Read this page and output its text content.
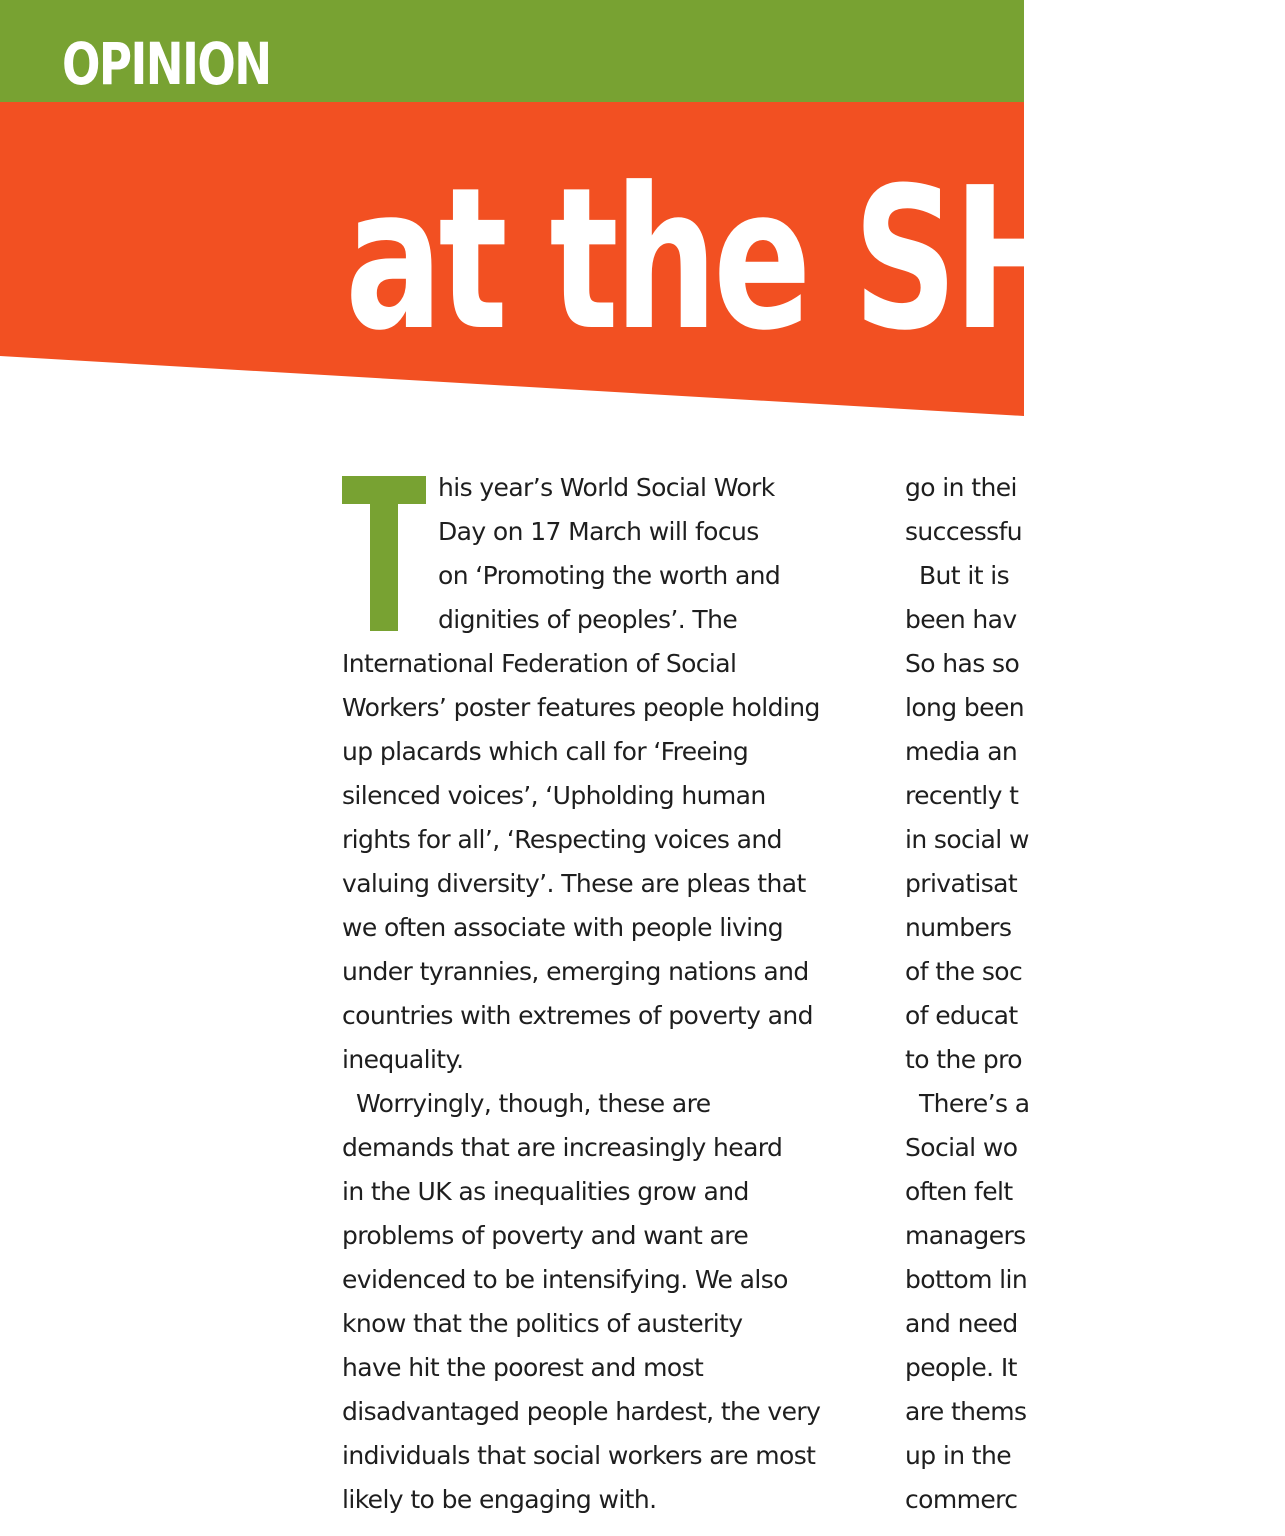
OPINION
at the SHAR
his year’s World Social Work
Day on 17 March will focus
on ‘Promoting the worth and
dignities of peoples’. The
International Federation of Social
Workers’ poster features people holding
up placards which call for ‘Freeing
silenced voices’, ‘Upholding human
rights for all’, ‘Respecting voices and
valuing diversity’. These are pleas that
we often associate with people living
under tyrannies, emerging nations and
countries with extremes of poverty and
inequality.
Worryingly, though, these are
demands that are increasingly heard
in the UK as inequalities grow and
problems of poverty and want are
evidenced to be intensifying. We also
know that the politics of austerity
have hit the poorest and most
disadvantaged people hardest, the very
individuals that social workers are most
likely to be engaging with.
go in thei
successfu
But it is
been hav
So has so
long been
media an
recently t
in social w
privatisat
numbers
of the soc
of educat
to the pro
There’s a
Social wo
often felt
managers
bottom lin
and need
people. It
are thems
up in the
commerc
